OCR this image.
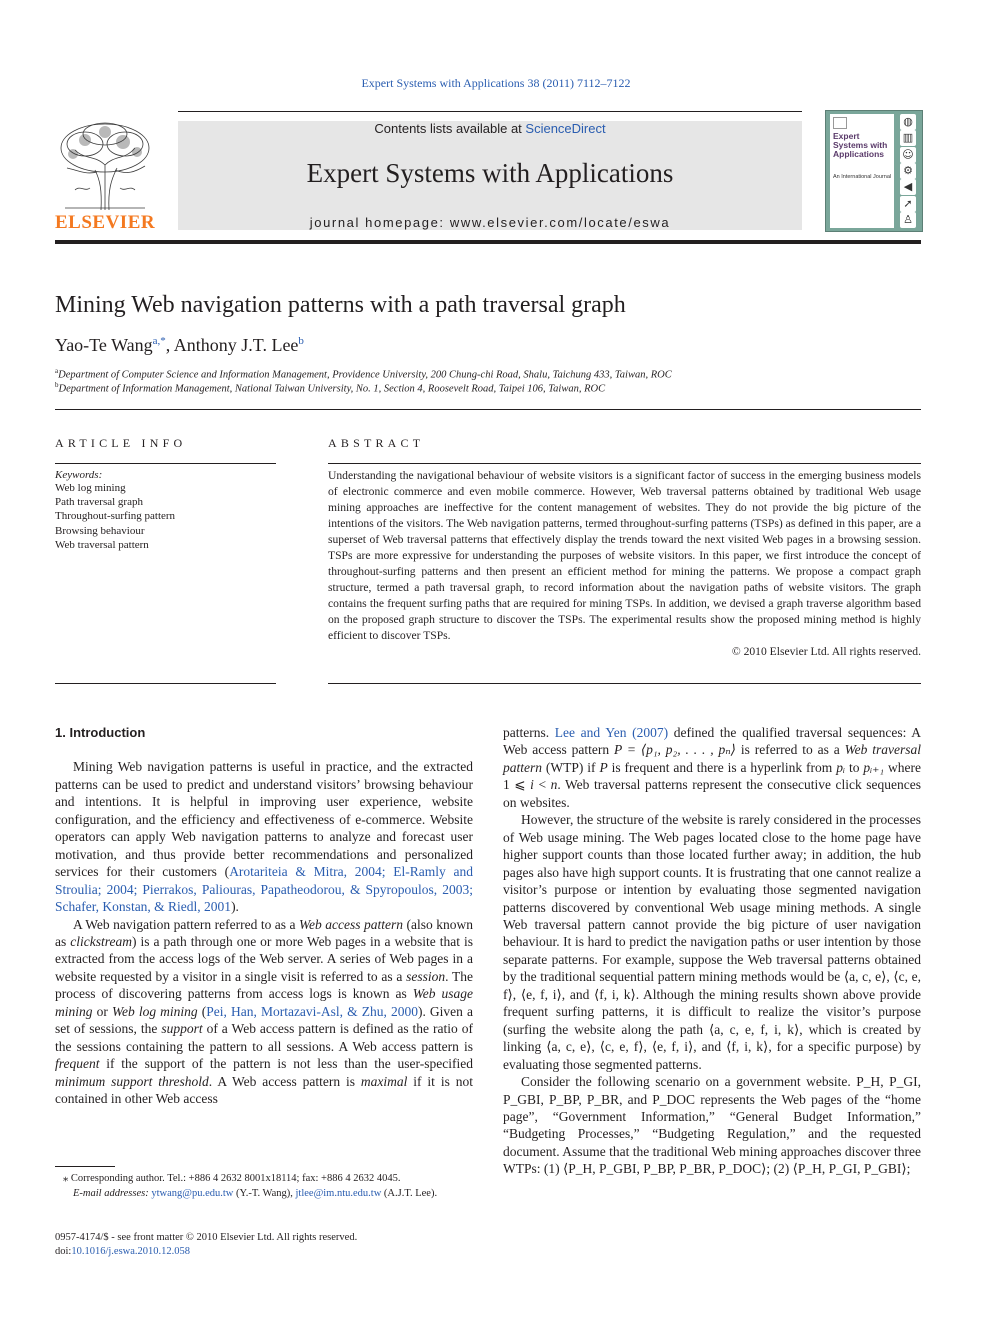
Expert Systems with Applications 38 (2011) 7112–7122
ELSEVIER
Contents lists available at ScienceDirect
Expert Systems with Applications
journal homepage: www.elsevier.com/locate/eswa
Expert Systems with Applications
An International Journal
◍
▥
☺
⚙
◀
➚
♙
Mining Web navigation patterns with a path traversal graph
Yao-Te Wang$^{a,*}$, Anthony J.T. Lee$^b$
$^a$Department of Computer Science and Information Management, Providence University, 200 Chung-chi Road, Shalu, Taichung 433, Taiwan, ROC
$^b$Department of Information Management, National Taiwan University, No. 1, Section 4, Roosevelt Road, Taipei 106, Taiwan, ROC
ARTICLE INFO
Keywords:
Web log mining
Path traversal graph
Throughout-surfing pattern
Browsing behaviour
Web traversal pattern
ABSTRACT
Understanding the navigational behaviour of website visitors is a significant factor of success in the emerging business models of electronic commerce and even mobile commerce. However, Web traversal patterns obtained by traditional Web usage mining approaches are ineffective for the content management of websites. They do not provide the big picture of the intentions of the visitors. The Web navigation patterns, termed throughout-surfing patterns (TSPs) as defined in this paper, are a superset of Web traversal patterns that effectively display the trends toward the next visited Web pages in a browsing session. TSPs are more expressive for understanding the purposes of website visitors. In this paper, we first introduce the concept of throughout-surfing patterns and then present an efficient method for mining the patterns. We propose a compact graph structure, termed a path traversal graph, to record information about the navigation paths of website visitors. The graph contains the frequent surfing paths that are required for mining TSPs. In addition, we devised a graph traverse algorithm based on the proposed graph structure to discover the TSPs. The experimental results show the proposed mining method is highly efficient to discover TSPs.
© 2010 Elsevier Ltd. All rights reserved.
1. Introduction

Mining Web navigation patterns is useful in practice, and the extracted patterns can be used to predict and understand visitors’ browsing behaviour and intentions. It is helpful in improving user experience, website configuration, and the efficiency and effectiveness of e-commerce. Website operators can apply Web navigation patterns to analyze and forecast user motivation, and thus provide better recommendations and personalized services for their customers (Arotariteia & Mitra, 2004; El-Ramly and Stroulia; 2004; Pierrakos, Paliouras, Papatheodorou, & Spyropoulos, 2003; Schafer, Konstan, & Riedl, 2001).

A Web navigation pattern referred to as a Web access pattern (also known as clickstream) is a path through one or more Web pages in a website that is extracted from the access logs of the Web server. A series of Web pages in a website requested by a visitor in a single visit is referred to as a session. The process of discovering patterns from access logs is known as Web usage mining or Web log mining (Pei, Han, Mortazavi-Asl, & Zhu, 2000). Given a set of sessions, the support of a Web access pattern is defined as the ratio of the sessions containing the pattern to all sessions. A Web access pattern is frequent if the support of the pattern is not less than the user-specified minimum support threshold. A Web access pattern is maximal if it is not contained in other Web access

patterns. Lee and Yen (2007) defined the qualified traversal sequences: A Web access pattern P = ⟨p₁, p₂, . . . , pₙ⟩ is referred to as a Web traversal pattern (WTP) if P is frequent and there is a hyperlink from pᵢ to pᵢ₊₁ where 1 ⩽ i < n. Web traversal patterns represent the consecutive click sequences on websites.

However, the structure of the website is rarely considered in the processes of Web usage mining. The Web pages located close to the home page have higher support counts than those located further away; in addition, the hub pages also have high support counts. It is frustrating that one cannot realize a visitor’s purpose or intention by evaluating those segmented navigation patterns discovered by conventional Web usage mining methods. A single Web traversal pattern cannot provide the big picture of user navigation behaviour. It is hard to predict the navigation paths or user intention by those separate patterns. For example, suppose the Web traversal patterns obtained by the traditional sequential pattern mining methods would be ⟨a, c, e⟩, ⟨c, e, f⟩, ⟨e, f, i⟩, and ⟨f, i, k⟩. Although the mining results shown above provide frequent surfing patterns, it is difficult to realize the visitor’s purpose (surfing the website along the path ⟨a, c, e, f, i, k⟩, which is created by linking ⟨a, c, e⟩, ⟨c, e, f⟩, ⟨e, f, i⟩, and ⟨f, i, k⟩, for a specific purpose) by evaluating those segmented patterns.

Consider the following scenario on a government website. P_H, P_GI, P_GBI, P_BP, P_BR, and P_DOC represents the Web pages of the “home page”, “Government Information,” “General Budget Information,” “Budgeting Processes,” “Budgeting Regulation,” and the requested document. Assume that the traditional Web mining approaches discover three WTPs: (1) ⟨P_H, P_GBI, P_BP, P_BR, P_DOC⟩; (2) ⟨P_H, P_GI, P_GBI⟩;

⁎ Corresponding author. Tel.: +886 4 2632 8001x18114; fax: +886 4 2632 4045.
E-mail addresses: ytwang@pu.edu.tw (Y.-T. Wang), jtlee@im.ntu.edu.tw (A.J.T. Lee).
0957-4174/$ - see front matter © 2010 Elsevier Ltd. All rights reserved.
doi:10.1016/j.eswa.2010.12.058
